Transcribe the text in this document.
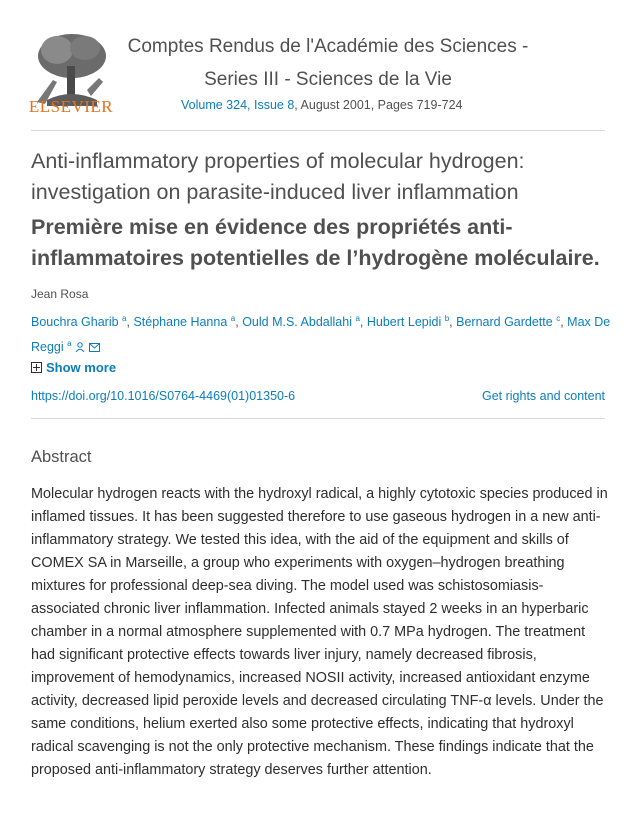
ELSEVIER
Comptes Rendus de l'Académie des Sciences -
Series III - Sciences de la Vie
Volume 324, Issue 8, August 2001, Pages 719-724
Anti-inflammatory properties of molecular hydrogen: investigation on parasite-induced liver inflammation
Première mise en évidence des propriétés anti-inflammatoires potentielles de l’hydrogène moléculaire.
Jean Rosa
Bouchra Gharib $^a$, Stéphane Hanna $^a$, Ould M.S. Abdallahi $^a$, Hubert Lepidi $^b$, Bernard Gardette $^c$, Max De Reggi $^a$
Show more
https://doi.org/10.1016/S0764-4469(01)01350-6	Get rights and content
Abstract

Molecular hydrogen reacts with the hydroxyl radical, a highly cytotoxic species produced in inflamed tissues. It has been suggested therefore to use gaseous hydrogen in a new anti-inflammatory strategy. We tested this idea, with the aid of the equipment and skills of COMEX SA in Marseille, a group who experiments with oxygen–hydrogen breathing mixtures for professional deep-sea diving. The model used was schistosomiasis-associated chronic liver inflammation. Infected animals stayed 2 weeks in an hyperbaric chamber in a normal atmosphere supplemented with 0.7 MPa hydrogen. The treatment had significant protective effects towards liver injury, namely decreased fibrosis, improvement of hemodynamics, increased NOSII activity, increased antioxidant enzyme activity, decreased lipid peroxide levels and decreased circulating TNF-α levels. Under the same conditions, helium exerted also some protective effects, indicating that hydroxyl radical scavenging is not the only protective mechanism. These findings indicate that the proposed anti-inflammatory strategy deserves further attention.
